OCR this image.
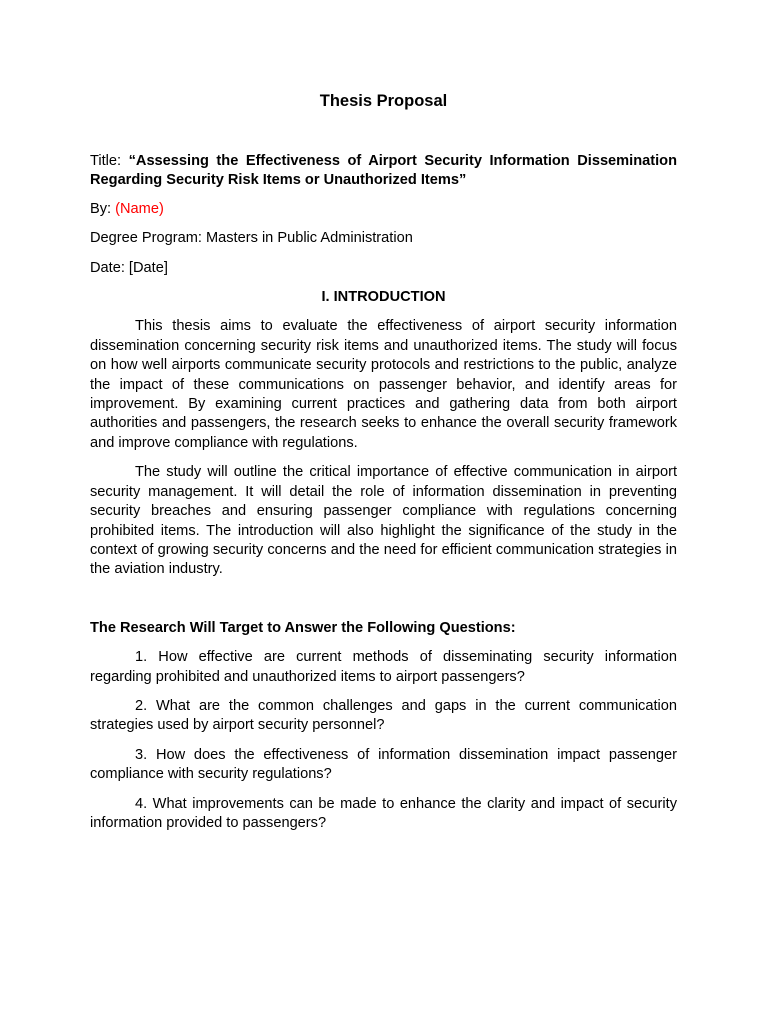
Thesis Proposal
Title: “Assessing the Effectiveness of Airport Security Information Dissemination Regarding Security Risk Items or Unauthorized Items”
By: (Name)
Degree Program: Masters in Public Administration
Date: [Date]
I. INTRODUCTION

This thesis aims to evaluate the effectiveness of airport security information dissemination concerning security risk items and unauthorized items. The study will focus on how well airports communicate security protocols and restrictions to the public, analyze the impact of these communications on passenger behavior, and identify areas for improvement. By examining current practices and gathering data from both airport authorities and passengers, the research seeks to enhance the overall security framework and improve compliance with regulations.

The study will outline the critical importance of effective communication in airport security management. It will detail the role of information dissemination in preventing security breaches and ensuring passenger compliance with regulations concerning prohibited items. The introduction will also highlight the significance of the study in the context of growing security concerns and the need for efficient communication strategies in the aviation industry.

The Research Will Target to Answer the Following Questions:

1. How effective are current methods of disseminating security information regarding prohibited and unauthorized items to airport passengers?

2. What are the common challenges and gaps in the current communication strategies used by airport security personnel?

3. How does the effectiveness of information dissemination impact passenger compliance with security regulations?

4. What improvements can be made to enhance the clarity and impact of security information provided to passengers?
